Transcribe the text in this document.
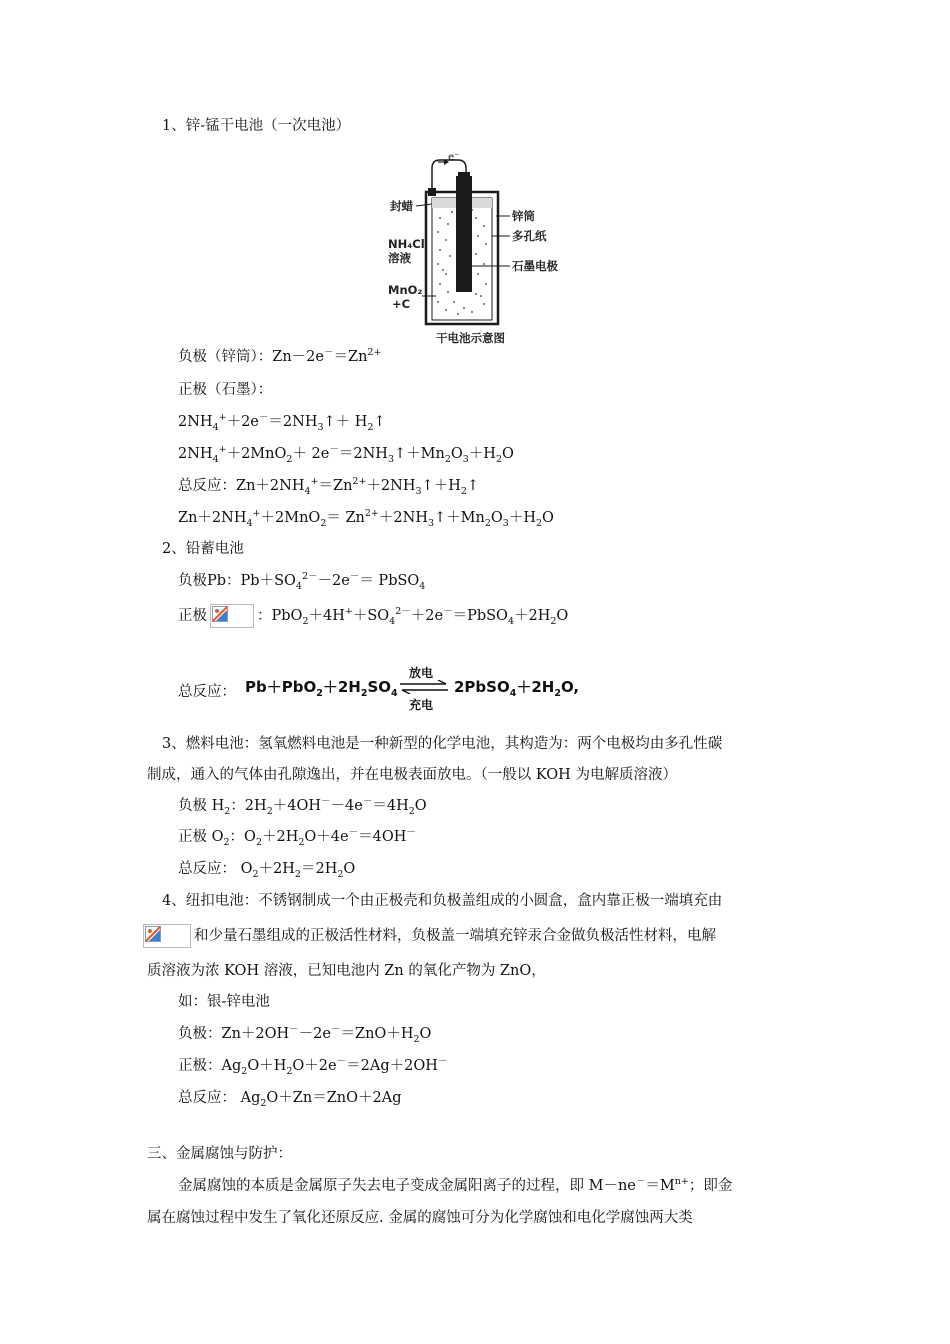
1、锌-锰干电池（一次电池）
e⁻
封蜡
锌筒
多孔纸
NH₄Cl
溶液
石墨电极
MnO₂
+C
干电池示意图
负极（锌筒）：$Zn-2e^-=Zn^{2+}$
正极（石墨）：
$2NH_4^++2e^-=2NH_3↑+$ $H_2↑$
$2NH_4^++2MnO_2+$ $2e^-=2NH_3↑+Mn_2O_3+H_2O$
总反应：$Zn+2NH_4^+=Zn^{2+}+2NH_3↑+H_2↑$
$Zn+2NH_4^++2MnO_2=$ $Zn^{2+}+2NH_3↑+Mn_2O_3+H_2O$
2、铅蓄电池
负极Pb：$Pb+SO_4^{2-}-2e^-=$ PbSO$_4$
正极	：$PbO_2+4H^++SO_4^{2-}+2e^-=PbSO_4+2H_2O$
总反应： $Pb+PbO_2+2H_2SO_4$
放电
充电
$2PbSO_4+2H_2O$,
3、燃料电池：氢氧燃料电池是一种新型的化学电池，其构造为：两个电极均由多孔性碳
制成，通入的气体由孔隙逸出，并在电极表面放电。（一般以 KOH 为电解质溶液）
负极 $H_2$：$2H_2+4OH^--4e^-=4H_2O$
正极 $O_2$：$O_2+2H_2O+4e^-=4OH^-$
总反应： $O_2+2H_2=2H_2O$
4、纽扣电池：不锈钢制成一个由正极壳和负极盖组成的小圆盒，盒内靠正极一端填充由
和少量石墨组成的正极活性材料，负极盖一端填充锌汞合金做负极活性材料，电解
质溶液为浓 KOH 溶液，已知电池内 Zn 的氧化产物为 ZnO，
如：银-锌电池
负极：$Zn+2OH^--2e^-=ZnO+H_2O$
正极：$Ag_2O+H_2O+2e^-=2Ag+2OH^-$
总反应： $Ag_2O+Zn=ZnO+2Ag$
三、金属腐蚀与防护：
金属腐蚀的本质是金属原子失去电子变成金属阳离子的过程，即 $M-ne^-=M^{n+}$；即金
属在腐蚀过程中发生了氧化还原反应. 金属的腐蚀可分为化学腐蚀和电化学腐蚀两大类
